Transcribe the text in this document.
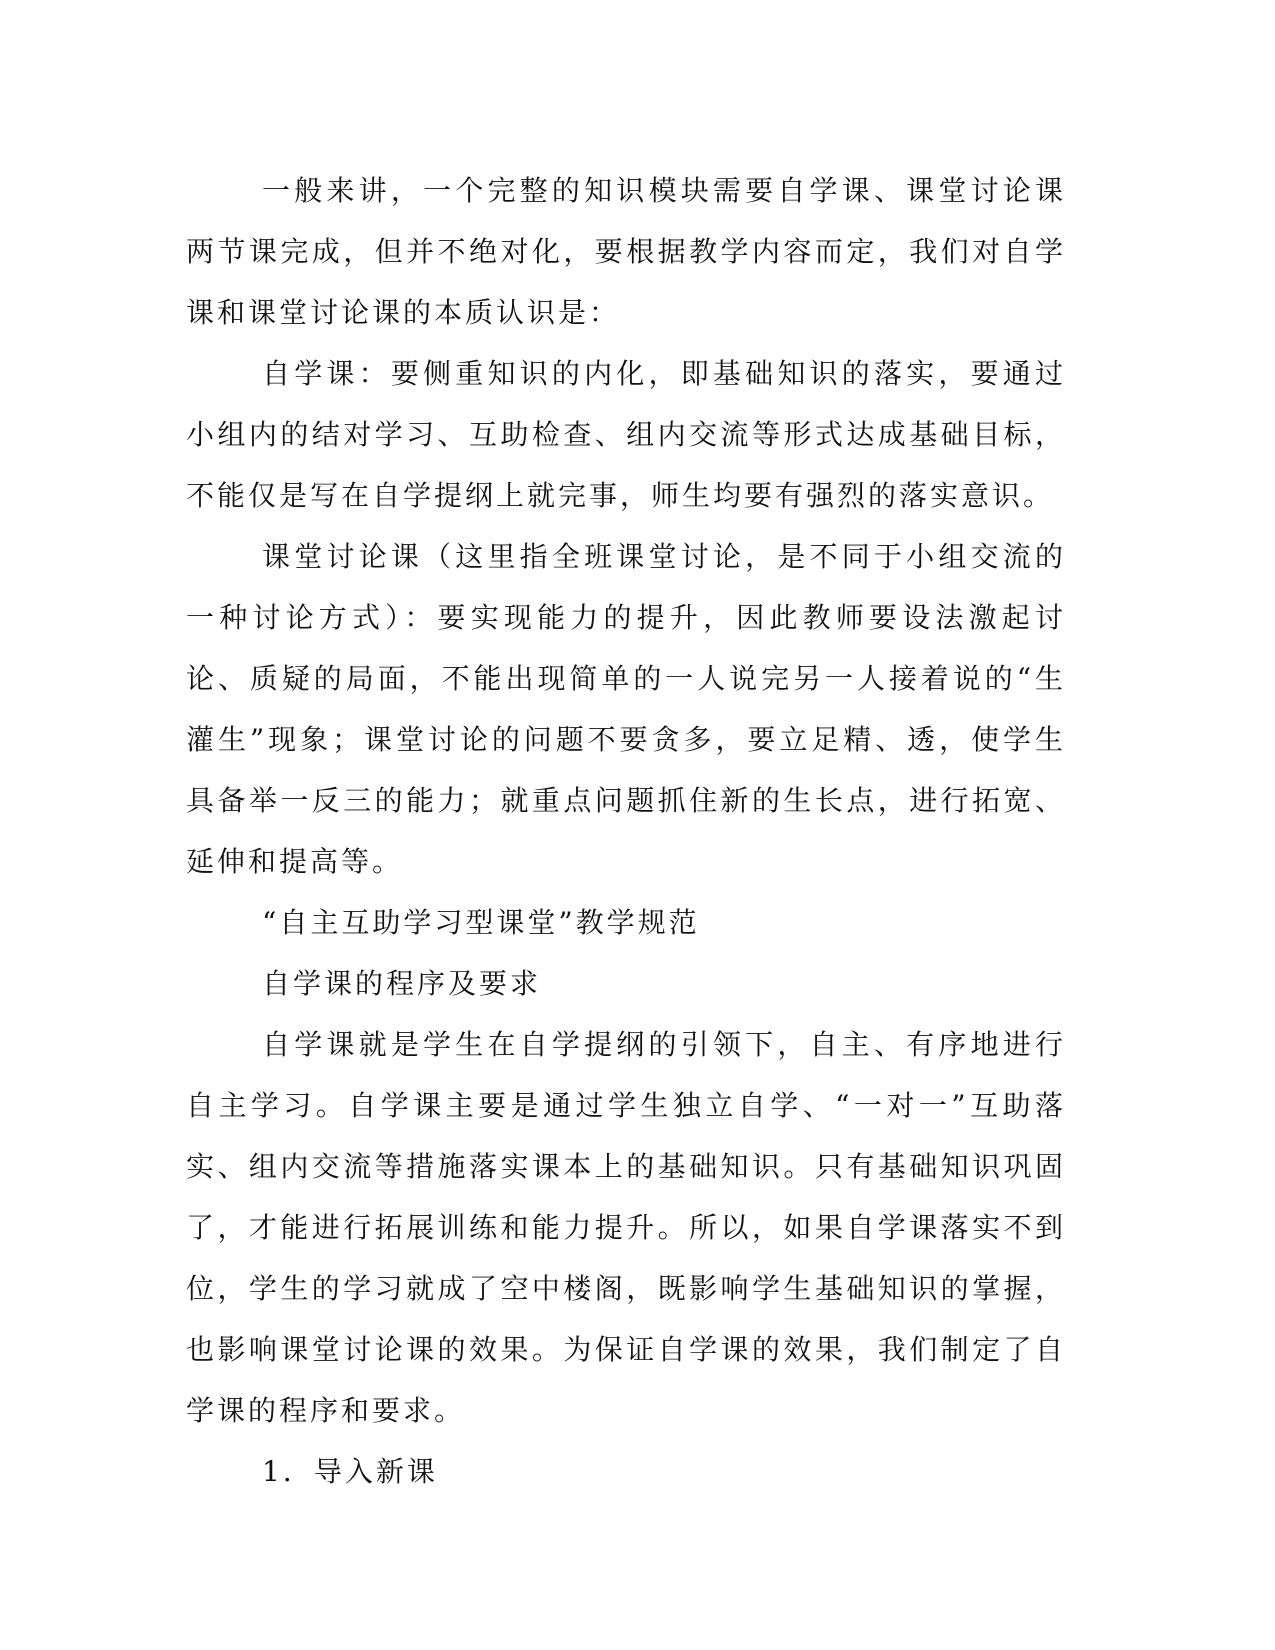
一般来讲，一个完整的知识模块需要自学课、课堂讨论课两节课完成，但并不绝对化，要根据教学内容而定，我们对自学课和课堂讨论课的本质认识是：

自学课：要侧重知识的内化，即基础知识的落实，要通过小组内的结对学习、互助检查、组内交流等形式达成基础目标，不能仅是写在自学提纲上就完事，师生均要有强烈的落实意识。

课堂讨论课（这里指全班课堂讨论，是不同于小组交流的一种讨论方式）：要实现能力的提升，因此教师要设法激起讨论、质疑的局面，不能出现简单的一人说完另一人接着说的“生灌生”现象；课堂讨论的问题不要贪多，要立足精、透，使学生具备举一反三的能力；就重点问题抓住新的生长点，进行拓宽、延伸和提高等。

“自主互助学习型课堂”教学规范

自学课的程序及要求

自学课就是学生在自学提纲的引领下，自主、有序地进行自主学习。自学课主要是通过学生独立自学、“一对一”互助落实、组内交流等措施落实课本上的基础知识。只有基础知识巩固了，才能进行拓展训练和能力提升。所以，如果自学课落实不到位，学生的学习就成了空中楼阁，既影响学生基础知识的掌握，也影响课堂讨论课的效果。为保证自学课的效果，我们制定了自学课的程序和要求。

1．导入新课
